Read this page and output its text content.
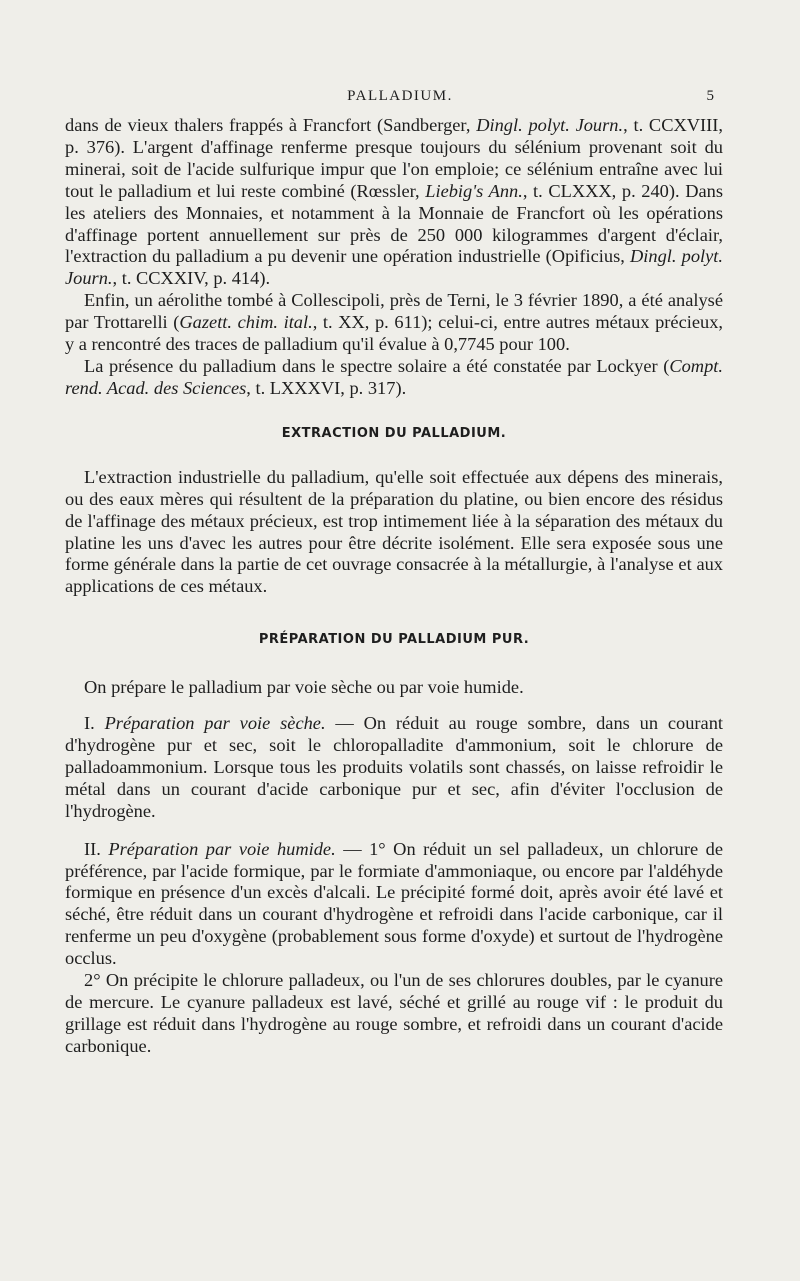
PALLADIUM.	5

dans de vieux thalers frappés à Francfort (Sandberger, Dingl. polyt. Journ., t. CCXVIII, p. 376). L'argent d'affinage renferme presque toujours du sélénium provenant soit du minerai, soit de l'acide sulfurique impur que l'on emploie; ce sélénium entraîne avec lui tout le palladium et lui reste combiné (Rœssler, Liebig's Ann., t. CLXXX, p. 240). Dans les ateliers des Monnaies, et notamment à la Monnaie de Francfort où les opérations d'affinage portent annuellement sur près de 250 000 kilogrammes d'argent d'éclair, l'extraction du palladium a pu devenir une opération industrielle (Opificius, Dingl. polyt. Journ., t. CCXXIV, p. 414).

Enfin, un aérolithe tombé à Collescipoli, près de Terni, le 3 février 1890, a été analysé par Trottarelli (Gazett. chim. ital., t. XX, p. 611); celui-ci, entre autres métaux précieux, y a rencontré des traces de palladium qu'il évalue à 0,7745 pour 100.

La présence du palladium dans le spectre solaire a été constatée par Lockyer (Compt. rend. Acad. des Sciences, t. LXXXVI, p. 317).

EXTRACTION DU PALLADIUM.

L'extraction industrielle du palladium, qu'elle soit effectuée aux dépens des minerais, ou des eaux mères qui résultent de la préparation du platine, ou bien encore des résidus de l'affinage des métaux précieux, est trop intimement liée à la séparation des métaux du platine les uns d'avec les autres pour être décrite isolément. Elle sera exposée sous une forme générale dans la partie de cet ouvrage consacrée à la métallurgie, à l'analyse et aux applications de ces métaux.

PRÉPARATION DU PALLADIUM PUR.

On prépare le palladium par voie sèche ou par voie humide.

I. Préparation par voie sèche. — On réduit au rouge sombre, dans un courant d'hydrogène pur et sec, soit le chloropalladite d'ammonium, soit le chlorure de palladoammonium. Lorsque tous les produits volatils sont chassés, on laisse refroidir le métal dans un courant d'acide carbonique pur et sec, afin d'éviter l'occlusion de l'hydrogène.

II. Préparation par voie humide. — 1° On réduit un sel palladeux, un chlorure de préférence, par l'acide formique, par le formiate d'ammoniaque, ou encore par l'aldéhyde formique en présence d'un excès d'alcali. Le précipité formé doit, après avoir été lavé et séché, être réduit dans un courant d'hydrogène et refroidi dans l'acide carbonique, car il renferme un peu d'oxygène (probablement sous forme d'oxyde) et surtout de l'hydrogène occlus.

2° On précipite le chlorure palladeux, ou l'un de ses chlorures doubles, par le cyanure de mercure. Le cyanure palladeux est lavé, séché et grillé au rouge vif : le produit du grillage est réduit dans l'hydrogène au rouge sombre, et refroidi dans un courant d'acide carbonique.
